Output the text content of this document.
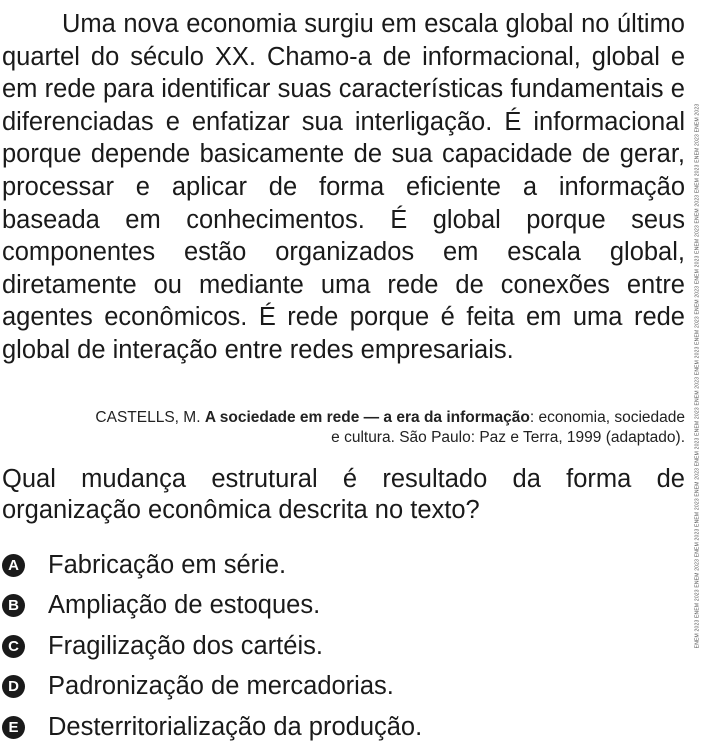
Uma nova economia surgiu em escala global no último quartel do século XX. Chamo-a de informacional, global e em rede para identificar suas características fundamentais e diferenciadas e enfatizar sua interligação. É informacional porque depende basicamente de sua capacidade de gerar, processar e aplicar de forma eficiente a informação baseada em conhecimentos. É global porque seus componentes estão organizados em escala global, diretamente ou mediante uma rede de conexões entre agentes econômicos. É rede porque é feita em uma rede global de interação entre redes empresariais.

CASTELLS, M. A sociedade em rede — a era da informação: economia, sociedade e cultura. São Paulo: Paz e Terra, 1999 (adaptado).

Qual mudança estrutural é resultado da forma de organização econômica descrita no texto?

A Fabricação em série.
B Ampliação de estoques.
C Fragilização dos cartéis.
D Padronização de mercadorias.
E Desterritorialização da produção.
ENEM 2023 ENEM 2023 ENEM 2023 ENEM 2023 ENEM 2023 ENEM 2023 ENEM 2023 ENEM 2023 ENEM 2023 ENEM 2023 ENEM 2023 ENEM 2023 ENEM 2023 ENEM 2023 ENEM 2023 ENEM 2023 ENEM 2023 ENEM 2023
